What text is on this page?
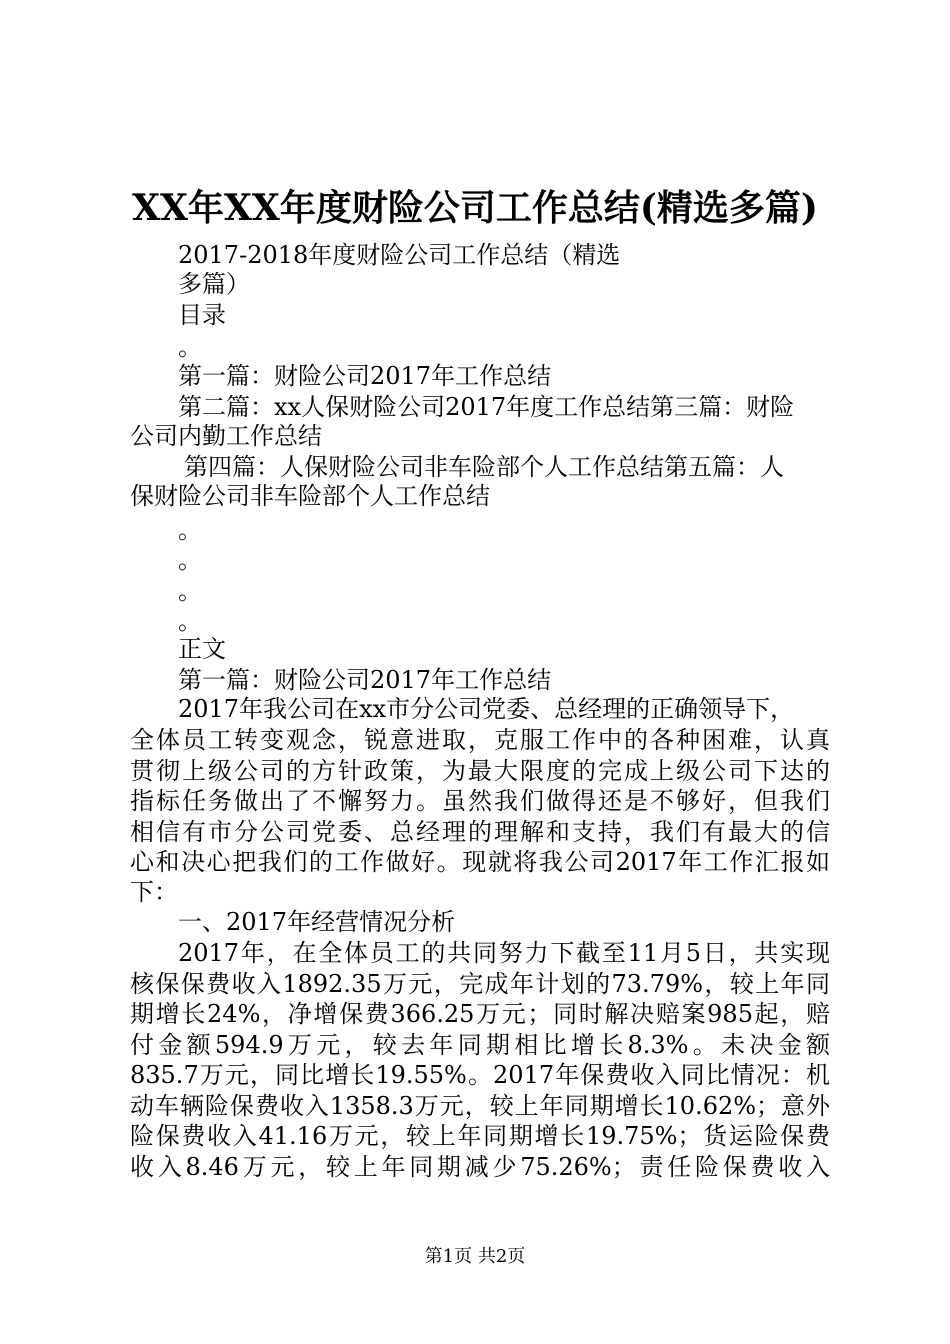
XX年XX年度财险公司工作总结(精选多篇)
2017-2018年度财险公司工作总结（精选
多篇）
目录
。
第一篇：财险公司2017年工作总结
第二篇：xx人保财险公司2017年度工作总结第三篇：财险
公司内勤工作总结
第四篇：人保财险公司非车险部个人工作总结第五篇：人
保财险公司非车险部个人工作总结
。
。
。
。
正文
第一篇：财险公司2017年工作总结
2017年我公司在xx市分公司党委、总经理的正确领导下，
全体员工转变观念，锐意进取，克服工作中的各种困难，认真
贯彻上级公司的方针政策，为最大限度的完成上级公司下达的
指标任务做出了不懈努力。虽然我们做得还是不够好，但我们
相信有市分公司党委、总经理的理解和支持，我们有最大的信
心和决心把我们的工作做好。现就将我公司2017年工作汇报如
下：
一、2017年经营情况分析
2017年，在全体员工的共同努力下截至11月5日，共实现
核保保费收入1892.35万元，完成年计划的73.79%，较上年同
期增长24%，净增保费366.25万元；同时解决赔案985起，赔
付金额594.9万元，较去年同期相比增长8.3%。未决金额
835.7万元，同比增长19.55%。2017年保费收入同比情况：机
动车辆险保费收入1358.3万元，较上年同期增长10.62%；意外
险保费收入41.16万元，较上年同期增长19.75%；货运险保费
收入8.46万元，较上年同期减少75.26%；责任险保费收入
第1页 共2页
